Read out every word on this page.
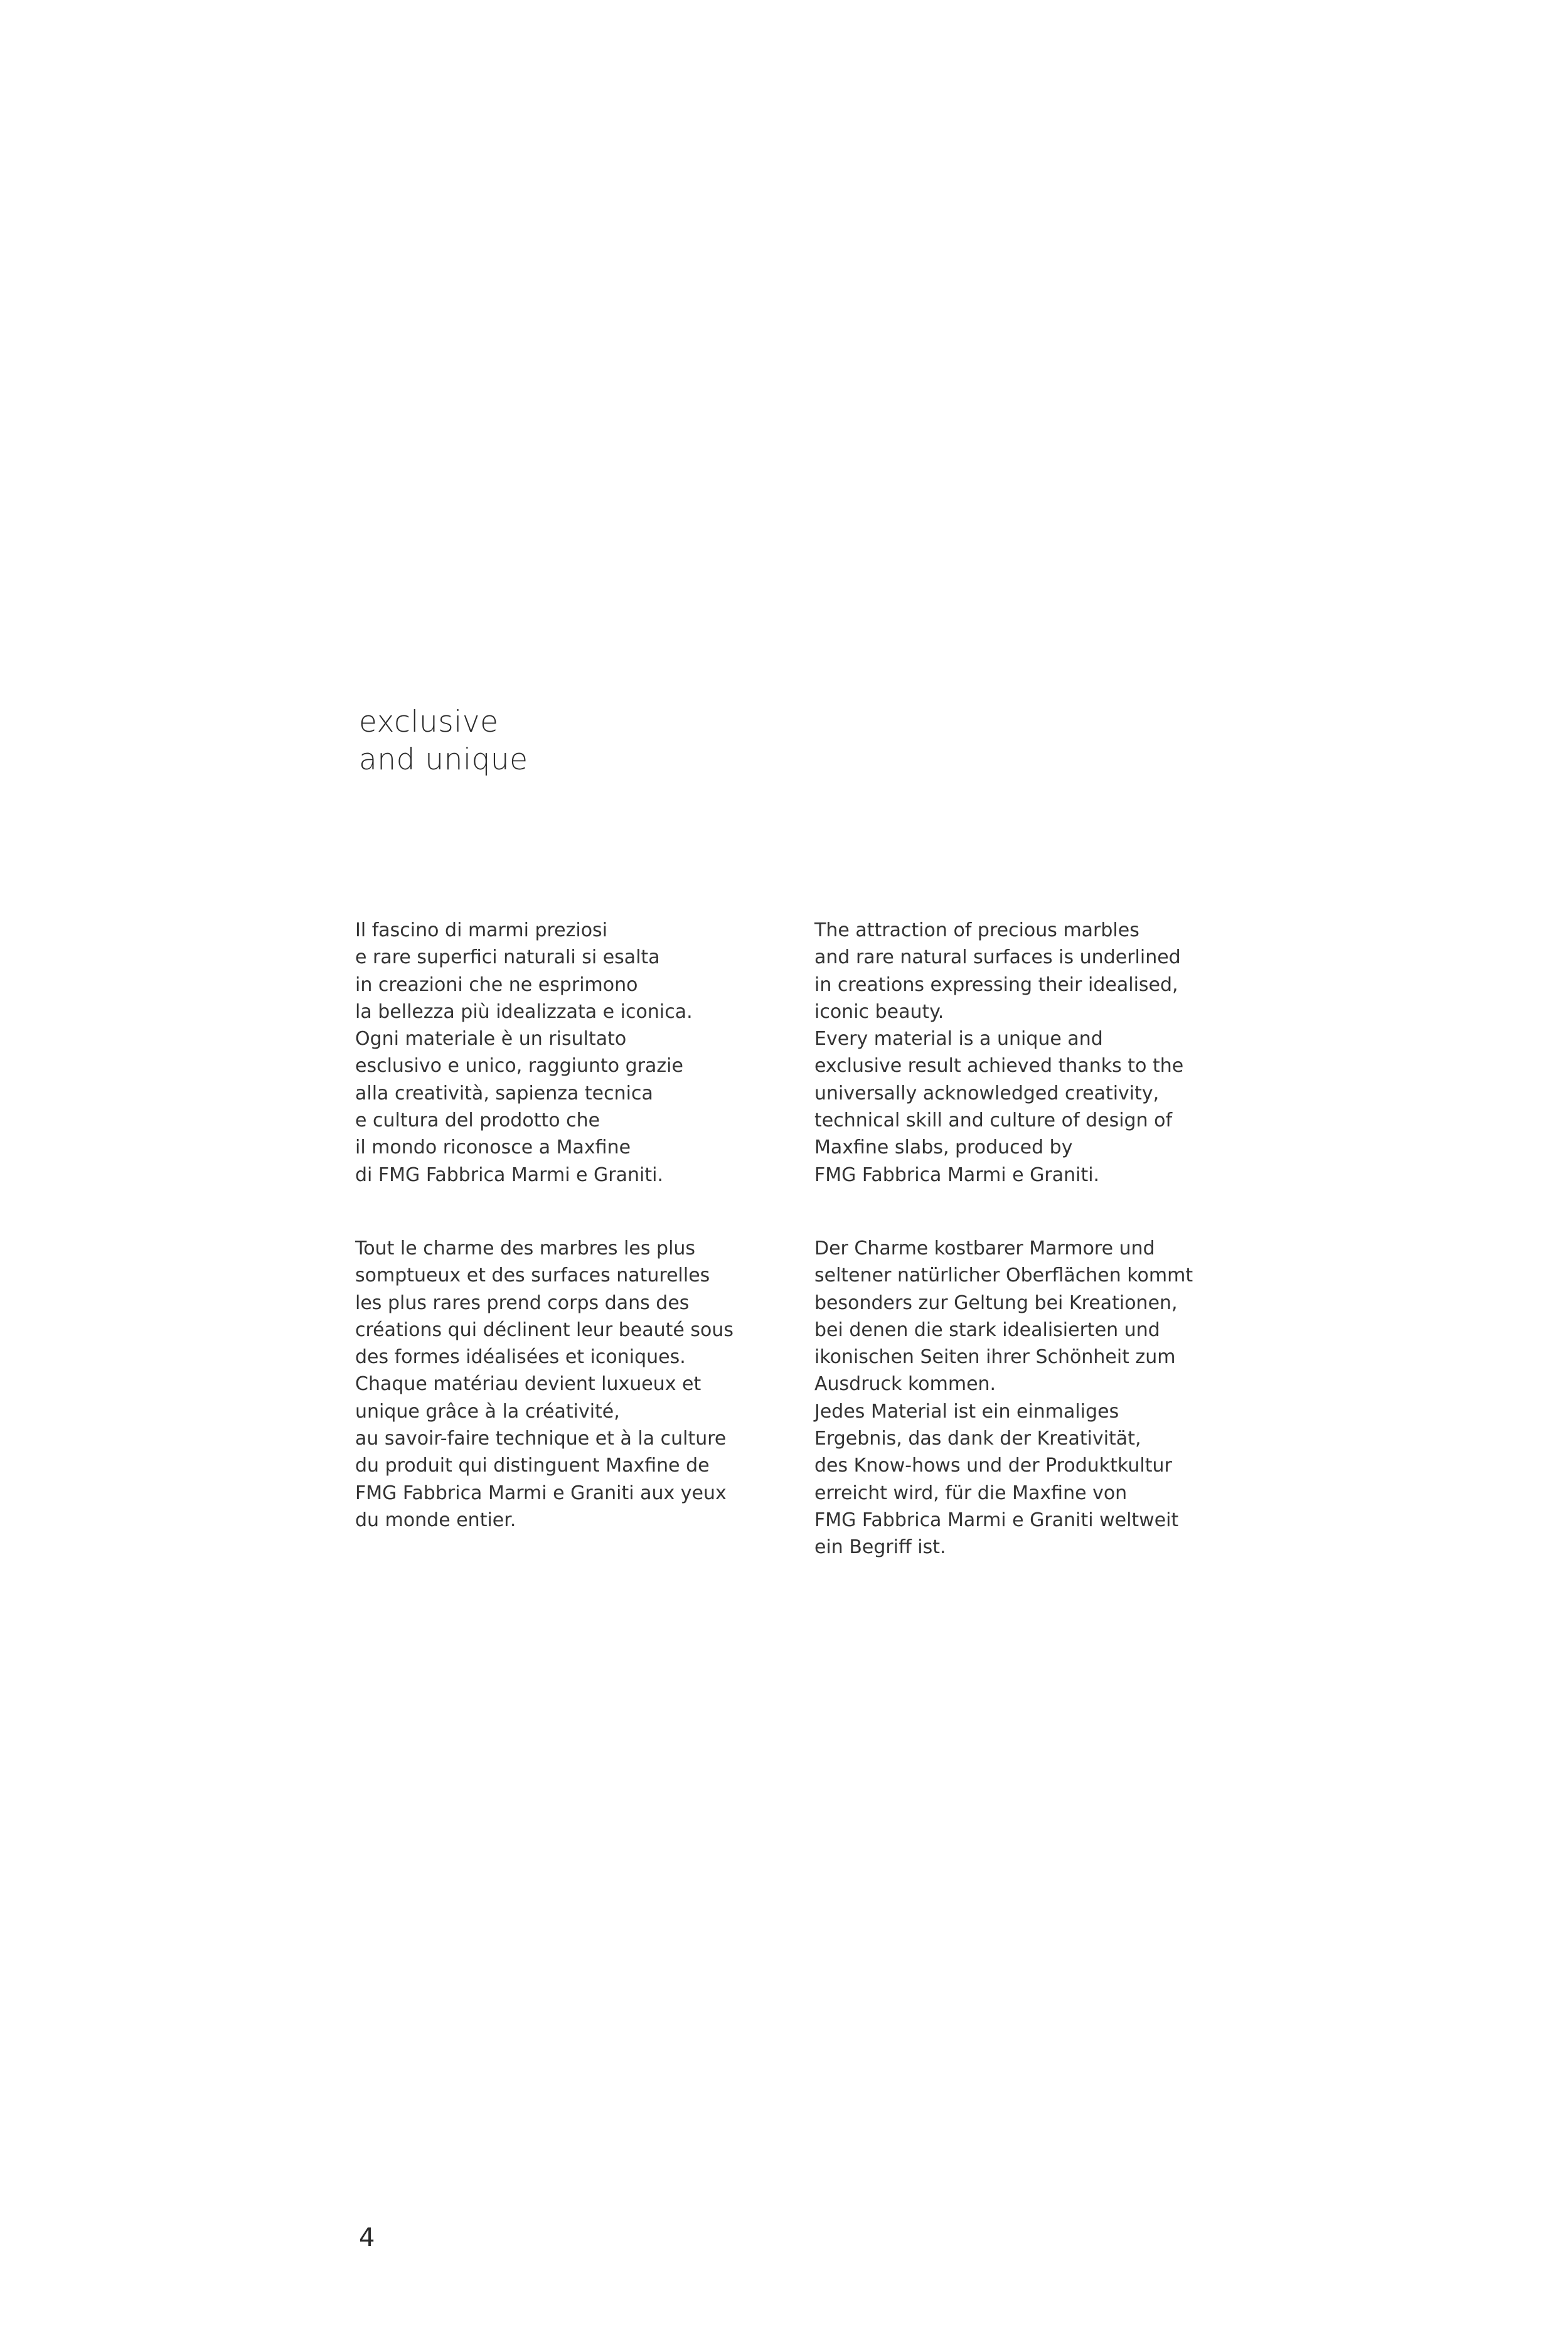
exclusive
and unique

Il fascino di marmi preziosi
e rare superfici naturali si esalta
in creazioni che ne esprimono
la bellezza più idealizzata e iconica.
Ogni materiale è un risultato
esclusivo e unico, raggiunto grazie
alla creatività, sapienza tecnica
e cultura del prodotto che
il mondo riconosce a Maxfine
di FMG Fabbrica Marmi e Graniti.

The attraction of precious marbles
and rare natural surfaces is underlined
in creations expressing their idealised,
iconic beauty.
Every material is a unique and
exclusive result achieved thanks to the
universally acknowledged creativity,
technical skill and culture of design of
Maxfine slabs, produced by
FMG Fabbrica Marmi e Graniti.

Tout le charme des marbres les plus
somptueux et des surfaces naturelles
les plus rares prend corps dans des
créations qui déclinent leur beauté sous
des formes idéalisées et iconiques.
Chaque matériau devient luxueux et
unique grâce à la créativité,
au savoir-faire technique et à la culture
du produit qui distinguent Maxfine de
FMG Fabbrica Marmi e Graniti aux yeux
du monde entier.

Der Charme kostbarer Marmore und
seltener natürlicher Oberflächen kommt
besonders zur Geltung bei Kreationen,
bei denen die stark idealisierten und
ikonischen Seiten ihrer Schönheit zum
Ausdruck kommen.
Jedes Material ist ein einmaliges
Ergebnis, das dank der Kreativität,
des Know-hows und der Produktkultur
erreicht wird, für die Maxfine von
FMG Fabbrica Marmi e Graniti weltweit
ein Begriff ist.

4
